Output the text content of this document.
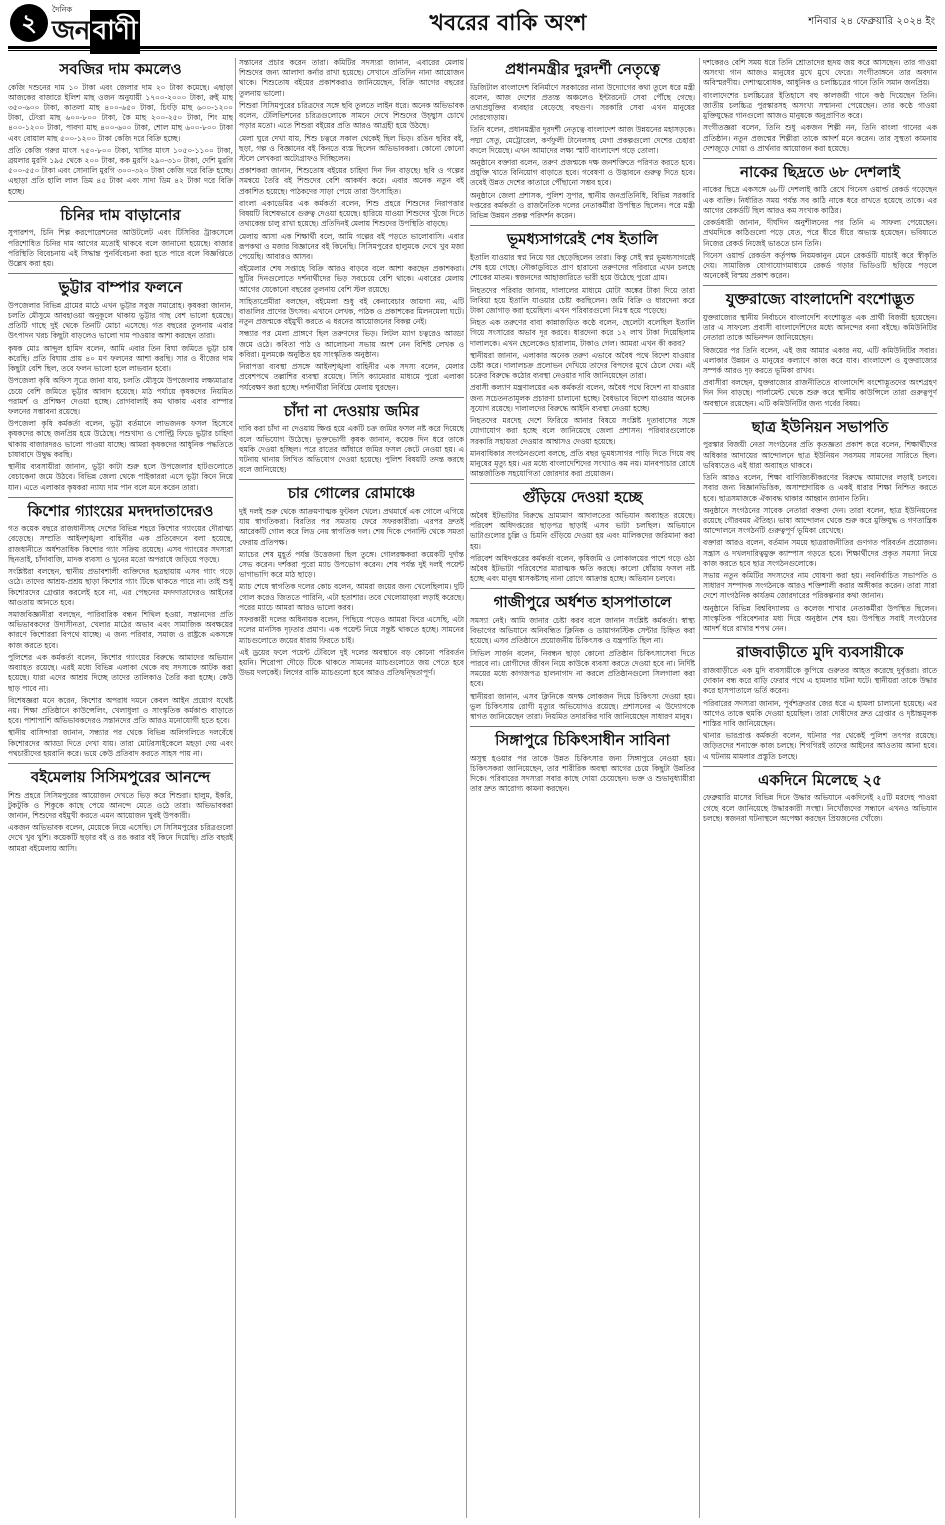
২	দৈনিক
জন বাণী	খবরের বাকি অংশ	শনিবার ২৪ ফেব্রুয়ারি ২০২৪ ইং
সবজির দাম কমলেও

কেজি দশুনের দাম ১০ টাকা এবং জেলার দাম ২০ টাকা কমেছে। এছাড়া আজকের বাজারে ইলিশ মাছ ওজন অনুযায়ী ১৭০০-২০০০ টাকা, রুই মাছ ৩৫০-৬০০ টাকা, কাতলা মাছ ৪০০-৬৫০ টাকা, চিংড়ি মাছ ৬০০-১২০০ টাকা, টেংরা মাছ ৬০০-৮০০ টাকা, কৈ মাছ ২০০-২৫০ টাকা, শিং মাছ ৪০০-১২০০ টাকা, পাবদা মাছ ৪০০-৬০০ টাকা, শোল মাছ ৬০০-৮০০ টাকা এবং বোয়াল মাছ ৫০০-১২০০ টাকা কেজি দরে বিক্রি হচ্ছে।

প্রতি কেজি গরুর মাংস ৭৫০-৮০০ টাকা, খাসির মাংস ১০৫০-১১০০ টাকা, ব্রয়লার মুরগি ১৯৫ থেকে ২০০ টাকা, কক মুরগি ২৯০-৩১০ টাকা, দেশি মুরগি ৫০০-৫৫০ টাকা এবং সোনালি মুরগি ৩০০-৩২০ টাকা কেজি দরে বিক্রি হচ্ছে। এছাড়া প্রতি হালি লাল ডিম ৪৫ টাকা এবং সাদা ডিম ৪২ টাকা দরে বিক্রি হচ্ছে।

চিনির দাম বাড়ানোর

সুপারশপ, চিনি শিল্প করপোরেশনের আউটলেট এবং টিসিবির ট্রাকসেলে পরিশোধিত চিনির দাম আগের মতোই থাকবে বলে জানানো হয়েছে। বাজার পরিস্থিতি বিবেচনায় এই সিদ্ধান্ত পুনর্বিবেচনা করা হতে পারে বলে বিজ্ঞপ্তিতে উল্লেখ করা হয়।

ভুট্টার বাম্পার ফলনে

উপজেলার বিভিন্ন গ্রামের মাঠে এখন ভুট্টার সবুজ সমারোহ। কৃষকরা জানান, চলতি মৌসুমে আবহাওয়া অনুকূলে থাকায় ভুট্টার গাছ বেশ ভালো হয়েছে। প্রতিটি গাছে দুই থেকে তিনটি মোচা এসেছে। গত বছরের তুলনায় এবার উৎপাদন খরচ কিছুটা বাড়লেও ভালো দাম পাওয়ার আশা করছেন তারা।

কৃষক মোঃ আব্দুল হামিদ বলেন, আমি এবার তিন বিঘা জমিতে ভুট্টা চাষ করেছি। প্রতি বিঘায় প্রায় ৪০ মণ ফলনের আশা করছি। সার ও বীজের দাম কিছুটা বেশি ছিল, তবে ফলন ভালো হলে লাভবান হবো।

উপজেলা কৃষি অফিস সূত্রে জানা যায়, চলতি মৌসুমে উপজেলায় লক্ষ্যমাত্রার চেয়ে বেশি জমিতে ভুট্টার আবাদ হয়েছে। মাঠ পর্যায়ে কৃষকদের নিয়মিত পরামর্শ ও প্রশিক্ষণ দেওয়া হচ্ছে। রোগবালাই কম থাকায় এবার বাম্পার ফলনের সম্ভাবনা রয়েছে।

উপজেলা কৃষি কর্মকর্তা বলেন, ভুট্টা বর্তমানে লাভজনক ফসল হিসেবে কৃষকদের কাছে জনপ্রিয় হয়ে উঠেছে। পশুখাদ্য ও পোল্ট্রি ফিডে ভুট্টার চাহিদা থাকায় বাজারদরও ভালো পাওয়া যাচ্ছে। আমরা কৃষকদের আধুনিক পদ্ধতিতে চাষাবাদে উদ্বুদ্ধ করছি।

স্থানীয় ব্যবসায়ীরা জানান, ভুট্টা কাটা শুরু হলে উপজেলার হাটগুলোতে বেচাকেনা জমে উঠবে। বিভিন্ন জেলা থেকে পাইকাররা এসে ভুট্টা কিনে নিয়ে যান। এতে এলাকার কৃষকরা ন্যায্য দাম পান বলে মনে করেন তারা।

কিশোর গ্যাংয়ের মদদদাতাদেরও

গত কয়েক বছরে রাজধানীসহ দেশের বিভিন্ন শহরে কিশোর গ্যাংয়ের দৌরাত্ম্য বেড়েছে। সম্প্রতি আইনশৃঙ্খলা বাহিনীর এক প্রতিবেদনে বলা হয়েছে, রাজধানীতে অর্ধশতাধিক কিশোর গ্যাং সক্রিয় রয়েছে। এসব গ্যাংয়ের সদস্যরা ছিনতাই, চাঁদাবাজি, মাদক ব্যবসা ও খুনের মতো অপরাধে জড়িয়ে পড়ছে।

সংশ্লিষ্টরা বলছেন, স্থানীয় প্রভাবশালী ব্যক্তিদের ছত্রছায়ায় এসব গ্যাং গড়ে ওঠে। তাদের আশ্রয়-প্রশ্রয় ছাড়া কিশোর গ্যাং টিকে থাকতে পারে না। তাই শুধু কিশোরদের গ্রেপ্তার করলেই হবে না, এর পেছনের মদদদাতাদেরও আইনের আওতায় আনতে হবে।

সমাজবিজ্ঞানীরা বলছেন, পারিবারিক বন্ধন শিথিল হওয়া, সন্তানদের প্রতি অভিভাবকদের উদাসীনতা, খেলার মাঠের অভাব এবং সামাজিক অবক্ষয়ের কারণে কিশোররা বিপথে যাচ্ছে। এ জন্য পরিবার, সমাজ ও রাষ্ট্রকে একসঙ্গে কাজ করতে হবে।

পুলিশের এক কর্মকর্তা বলেন, কিশোর গ্যাংয়ের বিরুদ্ধে আমাদের অভিযান অব্যাহত রয়েছে। এরই মধ্যে বিভিন্ন এলাকা থেকে বহু সদস্যকে আটক করা হয়েছে। যারা এদের আশ্রয় দিচ্ছে তাদের তালিকাও তৈরি করা হচ্ছে। কেউ ছাড় পাবে না।

বিশেষজ্ঞরা মনে করেন, কিশোর অপরাধ দমনে কেবল আইন প্রয়োগ যথেষ্ট নয়। শিক্ষা প্রতিষ্ঠানে কাউন্সেলিং, খেলাধুলা ও সাংস্কৃতিক কর্মকাণ্ড বাড়াতে হবে। পাশাপাশি অভিভাবকদেরও সন্তানদের প্রতি আরও মনোযোগী হতে হবে।

স্থানীয় বাসিন্দারা জানান, সন্ধ্যার পর থেকে বিভিন্ন অলিগলিতে দলবেঁধে কিশোরদের আড্ডা দিতে দেখা যায়। তারা মোটরসাইকেলে মহড়া দেয় এবং পথচারীদের হয়রানি করে। ভয়ে কেউ প্রতিবাদ করতে সাহস পায় না।

বইমেলায় সিসিমপুরের আনন্দে

শিশু প্রহরে সিসিমপুরের আয়োজন দেখতে ভিড় করে শিশুরা। হালুম, ইকরি, টুকটুকি ও শিকুকে কাছে পেয়ে আনন্দে মেতে ওঠে তারা। অভিভাবকরা জানান, শিশুদের বইমুখী করতে এমন আয়োজন খুবই উপকারী।

একজন অভিভাবক বলেন, মেয়েকে নিয়ে এসেছি। সে সিসিমপুরের চরিত্রগুলো দেখে খুব খুশি। কয়েকটি ছড়ার বই ও রঙ করার বই কিনে দিয়েছি। প্রতি বছরই আমরা বইমেলায় আসি।

সন্তানের প্রচার করেন তারা। কমিটির সদস্যরা জানান, এবারের মেলায় শিশুদের জন্য আলাদা কর্নার রাখা হয়েছে। সেখানে প্রতিদিন নানা আয়োজন থাকে। শিশুতোষ বইয়ের প্রকাশকরাও জানিয়েছেন, বিক্রি আগের বছরের তুলনায় ভালো।

শিশুরা সিসিমপুরের চরিত্রদের সঙ্গে ছবি তুলতে লাইন ধরে। অনেক অভিভাবক বলেন, টেলিভিশনের চরিত্রগুলোকে সামনে দেখে শিশুদের উচ্ছ্বাস চোখে পড়ার মতো। এতে শিশুরা বইয়ের প্রতি আরও আগ্রহী হয়ে উঠছে।

মেলা ঘুরে দেখা যায়, শিশু চত্বরে সকাল থেকেই ছিল ভিড়। রঙিন ছবির বই, ছড়া, গল্প ও বিজ্ঞানের বই কিনতে ব্যস্ত ছিলেন অভিভাবকরা। কোনো কোনো স্টলে লেখকরা অটোগ্রাফও দিচ্ছিলেন।

প্রকাশকরা জানান, শিশুতোষ বইয়ের চাহিদা দিন দিন বাড়ছে। ছবি ও গল্পের সমন্বয়ে তৈরি বই শিশুদের বেশি আকর্ষণ করে। এবার অনেক নতুন বই প্রকাশিত হয়েছে। পাঠকদের সাড়া পেয়ে তারা উৎসাহিত।

বাংলা একাডেমির এক কর্মকর্তা বলেন, শিশু প্রহরে শিশুদের নিরাপত্তার বিষয়টি বিশেষভাবে গুরুত্ব দেওয়া হয়েছে। হারিয়ে যাওয়া শিশুদের খুঁজে দিতে তথ্যকেন্দ্র চালু রাখা হয়েছে। প্রতিদিনই মেলায় শিশুদের উপস্থিতি বাড়ছে।

মেলায় আসা এক শিক্ষার্থী বলে, আমি গল্পের বই পড়তে ভালোবাসি। এবার রূপকথা ও মজার বিজ্ঞানের বই কিনেছি। সিসিমপুরের হালুমকে দেখে খুব মজা পেয়েছি। আবারও আসব।

বইমেলার শেষ সপ্তাহে বিক্রি আরও বাড়বে বলে আশা করছেন প্রকাশকরা। ছুটির দিনগুলোতে দর্শনার্থীদের ভিড় সবচেয়ে বেশি থাকে। এবারের মেলায় আগের যেকোনো বছরের তুলনায় বেশি স্টল রয়েছে।

সাহিত্যপ্রেমীরা বলছেন, বইমেলা শুধু বই কেনাবেচার জায়গা নয়, এটি বাঙালির প্রাণের উৎসব। এখানে লেখক, পাঠক ও প্রকাশকের মিলনমেলা ঘটে। নতুন প্রজন্মকে বইমুখী করতে এ ধরনের আয়োজনের বিকল্প নেই।

সন্ধ্যার পর মেলা প্রাঙ্গণে ছিল তরুণদের ভিড়। লিটল ম্যাগ চত্বরেও আড্ডা জমে ওঠে। কবিতা পাঠ ও আলোচনা সভায় অংশ নেন বিশিষ্ট লেখক ও কবিরা। মূলমঞ্চে অনুষ্ঠিত হয় সাংস্কৃতিক অনুষ্ঠান।

নিরাপত্তা ব্যবস্থা প্রসঙ্গে আইনশৃঙ্খলা বাহিনীর এক সদস্য বলেন, মেলার প্রবেশপথে তল্লাশির ব্যবস্থা রয়েছে। সিসি ক্যামেরার মাধ্যমে পুরো এলাকা পর্যবেক্ষণ করা হচ্ছে। দর্শনার্থীরা নির্বিঘ্নে মেলায় ঘুরছেন।

চাঁদা না দেওয়ায় জমির

দাবি করা চাঁদা না দেওয়ায় ক্ষিপ্ত হয়ে একটি চক্র জমির ফসল নষ্ট করে দিয়েছে বলে অভিযোগ উঠেছে। ভুক্তভোগী কৃষক জানান, কয়েক দিন ধরে তাকে হুমকি দেওয়া হচ্ছিল। পরে রাতের আঁধারে জমির ফসল কেটে নেওয়া হয়। এ ঘটনায় থানায় লিখিত অভিযোগ দেওয়া হয়েছে। পুলিশ বিষয়টি তদন্ত করছে বলে জানিয়েছে।

চার গোলের রোমাঞ্চে

দুই দলই শুরু থেকে আক্রমণাত্মক ফুটবল খেলে। প্রথমার্ধে এক গোলে এগিয়ে যায় স্বাগতিকরা। বিরতির পর সমতায় ফেরে সফরকারীরা। এরপর দ্রুতই আরেকটি গোল করে লিড নেয় স্বাগতিক দল। শেষ দিকে পেনাল্টি থেকে সমতা ফেরায় প্রতিপক্ষ।

ম্যাচের শেষ মুহূর্ত পর্যন্ত উত্তেজনা ছিল তুঙ্গে। গোলরক্ষকরা কয়েকটি দুর্দান্ত সেভ করেন। দর্শকরা পুরো ম্যাচ উপভোগ করেন। শেষ পর্যন্ত দুই দলই পয়েন্ট ভাগাভাগি করে মাঠ ছাড়ে।

ম্যাচ শেষে স্বাগতিক দলের কোচ বলেন, আমরা জয়ের জন্য খেলেছিলাম। দুটি গোল করেও জিততে পারিনি, এটা হতাশার। তবে খেলোয়াড়রা লড়াই করেছে। পরের ম্যাচে আমরা আরও ভালো করব।

সফরকারী দলের অধিনায়ক বলেন, পিছিয়ে পড়েও আমরা ফিরে এসেছি, এটা দলের মানসিক দৃঢ়তার প্রমাণ। এক পয়েন্ট নিয়ে সন্তুষ্ট থাকতে হচ্ছে। সামনের ম্যাচগুলোতে জয়ের ধারায় ফিরতে চাই।

এই ড্রয়ের ফলে পয়েন্ট টেবিলে দুই দলের অবস্থানে বড় কোনো পরিবর্তন হয়নি। শিরোপা দৌড়ে টিকে থাকতে সামনের ম্যাচগুলোতে জয় পেতে হবে উভয় দলকেই। লিগের বাকি ম্যাচগুলো হবে আরও প্রতিদ্বন্দ্বিতাপূর্ণ।

প্রধানমন্ত্রীর দুরদর্শী নেতৃত্বে

ডিজিটাল বাংলাদেশ বিনির্মাণে সরকারের নানা উদ্যোগের কথা তুলে ধরে মন্ত্রী বলেন, আজ দেশের প্রত্যন্ত অঞ্চলেও ইন্টারনেট সেবা পৌঁছে গেছে। তথ্যপ্রযুক্তির ব্যবহার বেড়েছে বহুগুণ। সরকারি সেবা এখন মানুষের দোরগোড়ায়।

তিনি বলেন, প্রধানমন্ত্রীর দূরদর্শী নেতৃত্বে বাংলাদেশ আজ উন্নয়নের মহাসড়কে। পদ্মা সেতু, মেট্রোরেল, কর্ণফুলী টানেলসহ মেগা প্রকল্পগুলো দেশের চেহারা বদলে দিয়েছে। এখন আমাদের লক্ষ্য স্মার্ট বাংলাদেশ গড়ে তোলা।

অনুষ্ঠানে বক্তারা বলেন, তরুণ প্রজন্মকে দক্ষ জনশক্তিতে পরিণত করতে হবে। প্রযুক্তি খাতে বিনিয়োগ বাড়াতে হবে। গবেষণা ও উদ্ভাবনে গুরুত্ব দিতে হবে। তবেই উন্নত দেশের কাতারে পৌঁছানো সম্ভব হবে।

অনুষ্ঠানে জেলা প্রশাসক, পুলিশ সুপার, স্থানীয় জনপ্রতিনিধি, বিভিন্ন সরকারি দপ্তরের কর্মকর্তা ও রাজনৈতিক দলের নেতাকর্মীরা উপস্থিত ছিলেন। পরে মন্ত্রী বিভিন্ন উন্নয়ন প্রকল্প পরিদর্শন করেন।

ভূমধ্যসাগরেই শেষ ইতালি

ইতালি যাওয়ার স্বপ্ন নিয়ে ঘর ছেড়েছিলেন তারা। কিন্তু সেই স্বপ্ন ভূমধ্যসাগরেই শেষ হয়ে গেছে। নৌকাডুবিতে প্রাণ হারানো তরুণদের পরিবারে এখন চলছে শোকের মাতম। স্বজনদের আহাজারিতে ভারী হয়ে উঠেছে পুরো গ্রাম।

নিহতদের পরিবার জানায়, দালালের মাধ্যমে মোটা অঙ্কের টাকা দিয়ে তারা লিবিয়া হয়ে ইতালি যাওয়ার চেষ্টা করছিলেন। জমি বিক্রি ও ধারদেনা করে টাকা জোগাড় করা হয়েছিল। এখন পরিবারগুলো নিঃস্ব হয়ে পড়েছে।

নিহত এক তরুণের বাবা কান্নাজড়িত কণ্ঠে বলেন, ছেলেটা বলেছিল ইতালি গিয়ে সংসারের অভাব দূর করবে। ধারদেনা করে ১২ লাখ টাকা দিয়েছিলাম দালালকে। এখন ছেলেকেও হারালাম, টাকাও গেল। আমরা এখন কী করব?

স্থানীয়রা জানান, এলাকার অনেক তরুণ এভাবে অবৈধ পথে বিদেশ যাওয়ার চেষ্টা করে। দালালচক্র প্রলোভন দেখিয়ে তাদের বিপদের মুখে ঠেলে দেয়। এই চক্রের বিরুদ্ধে কঠোর ব্যবস্থা নেওয়ার দাবি জানিয়েছেন তারা।

প্রবাসী কল্যাণ মন্ত্রণালয়ের এক কর্মকর্তা বলেন, অবৈধ পথে বিদেশ না যাওয়ার জন্য সচেতনতামূলক প্রচারণা চালানো হচ্ছে। বৈধভাবে বিদেশ যাওয়ার অনেক সুযোগ রয়েছে। দালালদের বিরুদ্ধে আইনি ব্যবস্থা নেওয়া হচ্ছে।

নিহতদের মরদেহ দেশে ফিরিয়ে আনার বিষয়ে সংশ্লিষ্ট দূতাবাসের সঙ্গে যোগাযোগ করা হচ্ছে বলে জানিয়েছে জেলা প্রশাসন। পরিবারগুলোকে সরকারি সহায়তা দেওয়ার আশ্বাসও দেওয়া হয়েছে।

মানবাধিকার সংগঠনগুলো বলছে, প্রতি বছর ভূমধ্যসাগর পাড়ি দিতে গিয়ে বহু মানুষের মৃত্যু হয়। এর মধ্যে বাংলাদেশিদের সংখ্যাও কম নয়। মানবপাচার রোধে আন্তর্জাতিক সহযোগিতা জোরদার করা প্রয়োজন।

গুঁড়িয়ে দেওয়া হচ্ছে

অবৈধ ইটভাটার বিরুদ্ধে ভ্রাম্যমাণ আদালতের অভিযান অব্যাহত রয়েছে। পরিবেশ অধিদপ্তরের ছাড়পত্র ছাড়াই এসব ভাটা চলছিল। অভিযানে ভাটাগুলোর চুল্লি ও চিমনি গুঁড়িয়ে দেওয়া হয় এবং মালিকদের জরিমানা করা হয়।

পরিবেশ অধিদপ্তরের কর্মকর্তা বলেন, কৃষিজমি ও লোকালয়ের পাশে গড়ে ওঠা অবৈধ ইটভাটা পরিবেশের মারাত্মক ক্ষতি করছে। কালো ধোঁয়ায় ফসল নষ্ট হচ্ছে এবং মানুষ শ্বাসকষ্টসহ নানা রোগে আক্রান্ত হচ্ছে। অভিযান চলবে।

গাজীপুরে অর্ধশত হাসপাতালে

সমস্যা নেই। আমি জানার চেষ্টা করব বলে জানান সংশ্লিষ্ট কর্মকর্তা। স্বাস্থ্য বিভাগের অভিযানে অনিবন্ধিত ক্লিনিক ও ডায়াগনস্টিক সেন্টার চিহ্নিত করা হয়েছে। এসব প্রতিষ্ঠানে প্রয়োজনীয় চিকিৎসক ও যন্ত্রপাতি ছিল না।

সিভিল সার্জন বলেন, নিবন্ধন ছাড়া কোনো প্রতিষ্ঠান চিকিৎসাসেবা দিতে পারবে না। রোগীদের জীবন নিয়ে কাউকে ব্যবসা করতে দেওয়া হবে না। নির্দিষ্ট সময়ের মধ্যে কাগজপত্র হালনাগাদ না করলে প্রতিষ্ঠানগুলো সিলগালা করা হবে।

স্থানীয়রা জানান, এসব ক্লিনিকে অদক্ষ লোকজন দিয়ে চিকিৎসা দেওয়া হয়। ভুল চিকিৎসায় রোগী মৃত্যুর অভিযোগও রয়েছে। প্রশাসনের এ উদ্যোগকে স্বাগত জানিয়েছেন তারা। নিয়মিত তদারকির দাবি জানিয়েছেন সাধারণ মানুষ।

সিঙ্গাপুরে চিকিৎসাধীন সাবিনা

অসুস্থ হওয়ার পর তাকে উন্নত চিকিৎসার জন্য সিঙ্গাপুরে নেওয়া হয়। চিকিৎসকরা জানিয়েছেন, তার শারীরিক অবস্থা আগের চেয়ে কিছুটা উন্নতির দিকে। পরিবারের সদস্যরা সবার কাছে দোয়া চেয়েছেন। ভক্ত ও শুভানুধ্যায়ীরা তার দ্রুত আরোগ্য কামনা করছেন।

দশকেরও বেশি সময় ধরে তিনি শ্রোতাদের হৃদয় জয় করে আসছেন। তার গাওয়া অসংখ্য গান আজও মানুষের মুখে মুখে ফেরে। সংগীতাঙ্গনে তার অবদান অবিস্মরণীয়। দেশাত্মবোধক, আধুনিক ও চলচ্চিত্রের গানে তিনি সমান জনপ্রিয়।

বাংলাদেশের চলচ্চিত্রের ইতিহাসে বহু কালজয়ী গানে কণ্ঠ দিয়েছেন তিনি। জাতীয় চলচ্চিত্র পুরস্কারসহ অসংখ্য সম্মাননা পেয়েছেন। তার কণ্ঠে গাওয়া মুক্তিযুদ্ধের গানগুলো আজও মানুষকে অনুপ্রাণিত করে।

সংগীতজ্ঞরা বলেন, তিনি শুধু একজন শিল্পী নন, তিনি বাংলা গানের এক প্রতিষ্ঠান। নতুন প্রজন্মের শিল্পীরা তাকে আদর্শ মনে করেন। তার সুস্থতা কামনায় দেশজুড়ে দোয়া ও প্রার্থনার আয়োজন করা হয়েছে।

নাকের ছিদ্রতে ৬৮ দেশলাই

নাকের ছিদ্রে একসঙ্গে ৬৮টি দেশলাই কাঠি রেখে গিনেস ওয়ার্ল্ড রেকর্ড গড়েছেন এক ব্যক্তি। নির্ধারিত সময় পর্যন্ত সব কাঠি নাকে ধরে রাখতে হয়েছে তাকে। এর আগের রেকর্ডটি ছিল আরও কম সংখ্যক কাঠির।

রেকর্ডধারী জানান, দীর্ঘদিন অনুশীলনের পর তিনি এ সাফল্য পেয়েছেন। প্রথমদিকে কাঠিগুলো পড়ে যেত, পরে ধীরে ধীরে অভ্যস্ত হয়েছেন। ভবিষ্যতে নিজের রেকর্ড নিজেই ভাঙতে চান তিনি।

গিনেস ওয়ার্ল্ড রেকর্ডস কর্তৃপক্ষ নিয়মকানুন মেনে রেকর্ডটি যাচাই করে স্বীকৃতি দেয়। সামাজিক যোগাযোগমাধ্যমে রেকর্ড গড়ার ভিডিওটি ছড়িয়ে পড়লে অনেকেই বিস্ময় প্রকাশ করেন।

যুক্তরাজ্যে বাংলাদেশি বংশোদ্ভূত

যুক্তরাজ্যের স্থানীয় নির্বাচনে বাংলাদেশি বংশোদ্ভূত এক প্রার্থী বিজয়ী হয়েছেন। তার এ সাফল্যে প্রবাসী বাংলাদেশিদের মধ্যে আনন্দের বন্যা বইছে। কমিউনিটির নেতারা তাকে অভিনন্দন জানিয়েছেন।

বিজয়ের পর তিনি বলেন, এই জয় আমার একার নয়, এটি কমিউনিটির সবার। এলাকার উন্নয়ন ও মানুষের কল্যাণে কাজ করে যাব। বাংলাদেশ ও যুক্তরাজ্যের সম্পর্ক আরও দৃঢ় করতে ভূমিকা রাখব।

প্রবাসীরা বলছেন, যুক্তরাজ্যের রাজনীতিতে বাংলাদেশি বংশোদ্ভূতদের অংশগ্রহণ দিন দিন বাড়ছে। পার্লামেন্ট থেকে শুরু করে স্থানীয় কাউন্সিলে তারা গুরুত্বপূর্ণ অবস্থানে রয়েছেন। এটি কমিউনিটির জন্য গর্বের বিষয়।

ছাত্র ইউনিয়ন সভাপতি

পুরস্কার বিজয়ী নেতা সংগঠনের প্রতি কৃতজ্ঞতা প্রকাশ করে বলেন, শিক্ষার্থীদের অধিকার আদায়ের আন্দোলনে ছাত্র ইউনিয়ন সবসময় সামনের সারিতে ছিল। ভবিষ্যতেও এই ধারা অব্যাহত থাকবে।

তিনি আরও বলেন, শিক্ষা বাণিজ্যিকীকরণের বিরুদ্ধে আমাদের লড়াই চলবে। সবার জন্য বিজ্ঞানভিত্তিক, অসাম্প্রদায়িক ও একই ধারার শিক্ষা নিশ্চিত করতে হবে। ছাত্রসমাজকে ঐক্যবদ্ধ থাকার আহ্বান জানান তিনি।

অনুষ্ঠানে সংগঠনের সাবেক নেতারা বক্তব্য দেন। তারা বলেন, ছাত্র ইউনিয়নের রয়েছে গৌরবময় ঐতিহ্য। ভাষা আন্দোলন থেকে শুরু করে মুক্তিযুদ্ধ ও গণতান্ত্রিক আন্দোলনে সংগঠনটি গুরুত্বপূর্ণ ভূমিকা রেখেছে।

বক্তারা আরও বলেন, বর্তমান সময়ে ছাত্ররাজনীতির গুণগত পরিবর্তন প্রয়োজন। সন্ত্রাস ও দখলদারিত্বমুক্ত ক্যাম্পাস গড়তে হবে। শিক্ষার্থীদের প্রকৃত সমস্যা নিয়ে কাজ করতে হবে ছাত্র সংগঠনগুলোকে।

সভায় নতুন কমিটির সদস্যদের নাম ঘোষণা করা হয়। নবনির্বাচিত সভাপতি ও সাধারণ সম্পাদক সংগঠনকে আরও শক্তিশালী করার অঙ্গীকার করেন। তারা সারা দেশে সাংগঠনিক কার্যক্রম জোরদারের পরিকল্পনার কথা জানান।

অনুষ্ঠানে বিভিন্ন বিশ্ববিদ্যালয় ও কলেজ শাখার নেতাকর্মীরা উপস্থিত ছিলেন। সাংস্কৃতিক পরিবেশনার মধ্য দিয়ে অনুষ্ঠান শেষ হয়। উপস্থিত সবাই সংগঠনের আদর্শ ধরে রাখার শপথ নেন।

রাজবাড়ীতে মুদি ব্যবসায়ীকে

রাজবাড়ীতে এক মুদি ব্যবসায়ীকে কুপিয়ে গুরুতর আহত করেছে দুর্বৃত্তরা। রাতে দোকান বন্ধ করে বাড়ি ফেরার পথে এ হামলার ঘটনা ঘটে। স্থানীয়রা তাকে উদ্ধার করে হাসপাতালে ভর্তি করেন।

পরিবারের সদস্যরা জানান, পূর্বশত্রুতার জের ধরে এ হামলা চালানো হয়েছে। এর আগেও তাকে হুমকি দেওয়া হয়েছিল। তারা দোষীদের দ্রুত গ্রেপ্তার ও দৃষ্টান্তমূলক শাস্তির দাবি জানিয়েছেন।

থানার ভারপ্রাপ্ত কর্মকর্তা বলেন, ঘটনার পর থেকেই পুলিশ তৎপর রয়েছে। জড়িতদের শনাক্তে কাজ চলছে। শিগগিরই তাদের আইনের আওতায় আনা হবে। এ ঘটনায় মামলার প্রস্তুতি চলছে।

একদিনে মিলেছে ২৫

ফেব্রুয়ারি মাসের বিভিন্ন দিনে উদ্ধার অভিযানে একদিনেই ২৫টি মরদেহ পাওয়া গেছে বলে জানিয়েছে উদ্ধারকারী সংস্থা। নিখোঁজদের সন্ধানে এখনও অভিযান চলছে। স্বজনরা ঘটনাস্থলে অপেক্ষা করছেন প্রিয়জনের খোঁজে।
